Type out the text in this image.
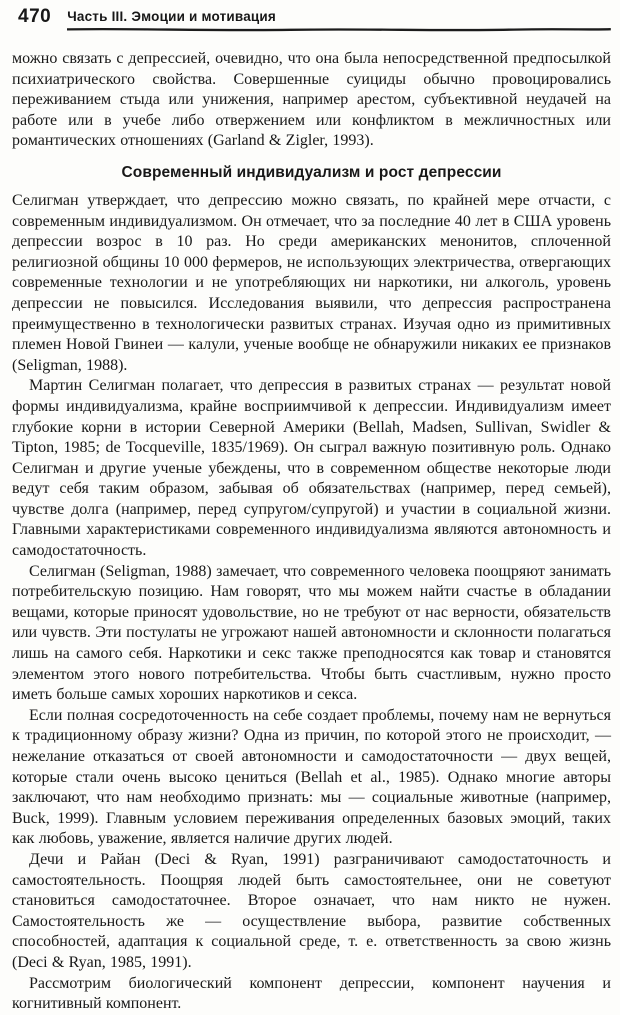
470 Часть III. Эмоции и мотивация

можно связать с депрессией, очевидно, что она была непосредственной предпосылкой психиатрического свойства. Совершенные суициды обычно провоцировались переживанием стыда или унижения, например арестом, субъективной неудачей на работе или в учебе либо отвержением или конфликтом в межличностных или романтических отношениях (Garland & Zigler, 1993).

Современный индивидуализм и рост депрессии

Селигман утверждает, что депрессию можно связать, по крайней мере отчасти, с современным индивидуализмом. Он отмечает, что за последние 40 лет в США уровень депрессии возрос в 10 раз. Но среди американских менонитов, сплоченной религиозной общины 10 000 фермеров, не использующих электричества, отвергающих современные технологии и не употребляющих ни наркотики, ни алкоголь, уровень депрессии не повысился. Исследования выявили, что депрессия распространена преимущественно в технологически развитых странах. Изучая одно из примитивных племен Новой Гвинеи — калули, ученые вообще не обнаружили никаких ее признаков (Seligman, 1988).

Мартин Селигман полагает, что депрессия в развитых странах — результат новой формы индивидуализма, крайне восприимчивой к депрессии. Индивидуализм имеет глубокие корни в истории Северной Америки (Bellah, Madsen, Sullivan, Swidler & Tipton, 1985; de Tocqueville, 1835/1969). Он сыграл важную позитивную роль. Однако Селигман и другие ученые убеждены, что в современном обществе некоторые люди ведут себя таким образом, забывая об обязательствах (например, перед семьей), чувстве долга (например, перед супругом/супругой) и участии в социальной жизни. Главными характеристиками современного индивидуализма являются автономность и самодостаточность.

Селигман (Seligman, 1988) замечает, что современного человека поощряют занимать потребительскую позицию. Нам говорят, что мы можем найти счастье в обладании вещами, которые приносят удовольствие, но не требуют от нас верности, обязательств или чувств. Эти постулаты не угрожают нашей автономности и склонности полагаться лишь на самого себя. Наркотики и секс также преподносятся как товар и становятся элементом этого нового потребительства. Чтобы быть счастливым, нужно просто иметь больше самых хороших наркотиков и секса.

Если полная сосредоточенность на себе создает проблемы, почему нам не вернуться к традиционному образу жизни? Одна из причин, по которой этого не происходит, — нежелание отказаться от своей автономности и самодостаточности — двух вещей, которые стали очень высоко цениться (Bellah et al., 1985). Однако многие авторы заключают, что нам необходимо признать: мы — социальные животные (например, Buck, 1999). Главным условием переживания определенных базовых эмоций, таких как любовь, уважение, является наличие других людей.

Дечи и Райан (Deci & Ryan, 1991) разграничивают самодостаточность и самостоятельность. Поощряя людей быть самостоятельнее, они не советуют становиться самодостаточнее. Второе означает, что нам никто не нужен. Самостоятельность же — осуществление выбора, развитие собственных способностей, адаптация к социальной среде, т. е. ответственность за свою жизнь (Deci & Ryan, 1985, 1991).

Рассмотрим биологический компонент депрессии, компонент научения и когнитивный компонент.
